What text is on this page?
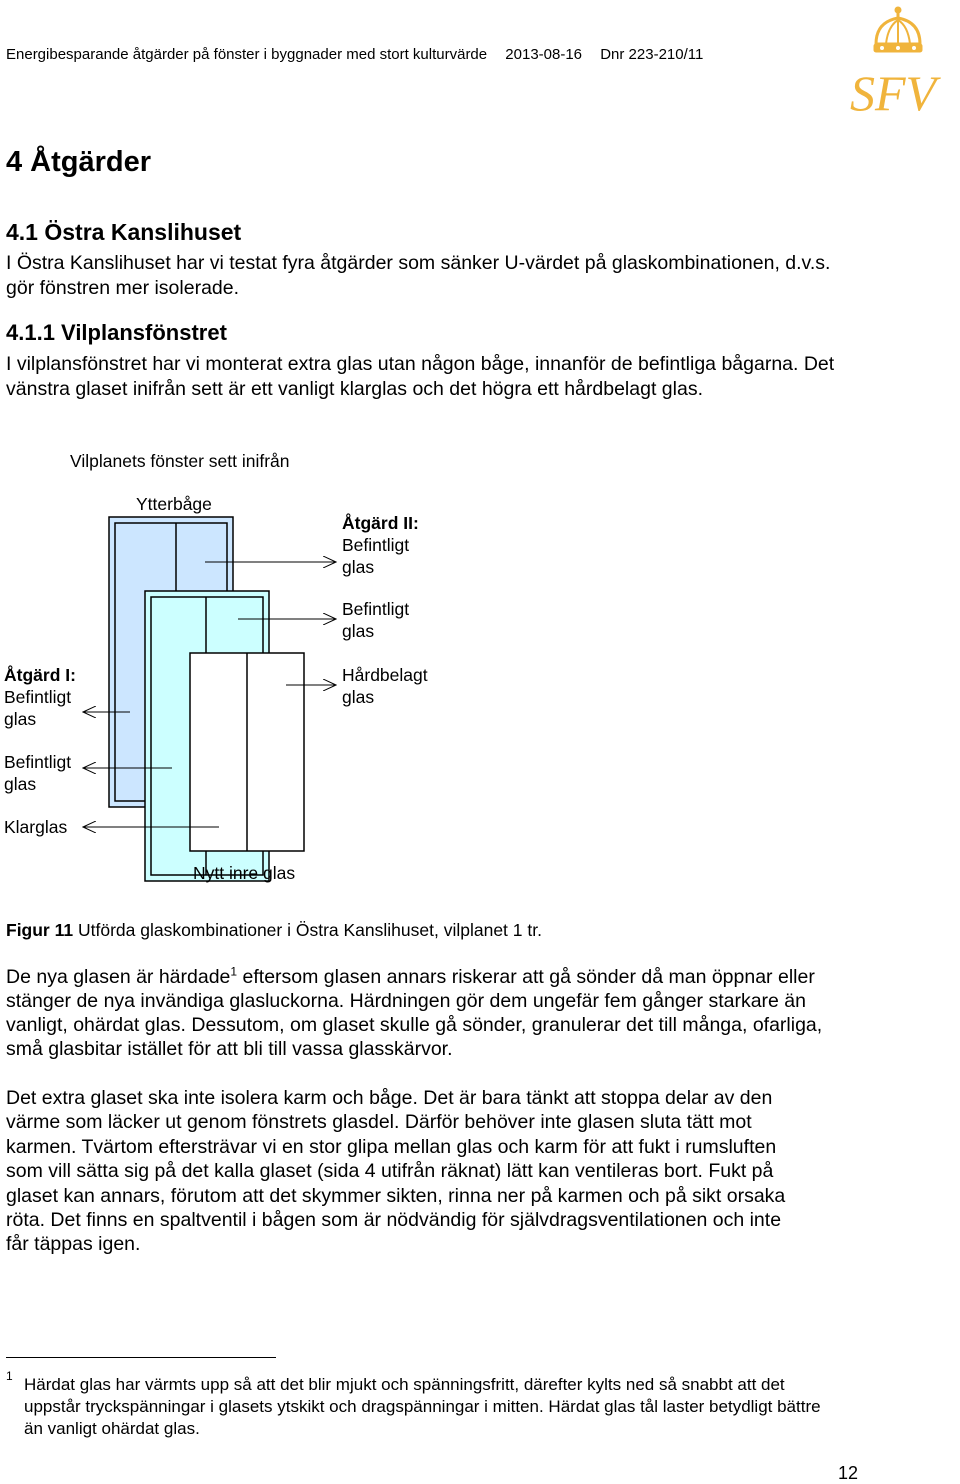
Energibesparande åtgärder på fönster i byggnader med stort kulturvärde 2013-08-16 Dnr 223-210/11
SFV
4 Åtgärder
4.1 Östra Kanslihuset

I Östra Kanslihuset har vi testat fyra åtgärder som sänker U-värdet på glaskombinationen, d.v.s. gör fönstren mer isolerade.

4.1.1 Vilplansfönstret

I vilplansfönstret har vi monterat extra glas utan någon båge, innanför de befintliga bågarna. Det vänstra glaset inifrån sett är ett vanligt klarglas och det högra ett hårdbelagt glas.

Vilplanets fönster sett inifrån
Ytterbåge
Åtgärd II:
Befintligt
glas
Befintligt
glas
Hårdbelagt
glas
Åtgärd I:
Befintligt
glas
Befintligt
glas
Klarglas
Nytt inre glas
Figur 11 Utförda glaskombinationer i Östra Kanslihuset, vilplanet 1 tr.

De nya glasen är härdade$^1$ eftersom glasen annars riskerar att gå sönder då man öppnar eller stänger de nya invändiga glasluckorna. Härdningen gör dem ungefär fem gånger starkare än vanligt, ohärdat glas. Dessutom, om glaset skulle gå sönder, granulerar det till många, ofarliga, små glasbitar istället för att bli till vassa glasskärvor.

Det extra glaset ska inte isolera karm och båge. Det är bara tänkt att stoppa delar av den värme som läcker ut genom fönstrets glasdel. Därför behöver inte glasen sluta tätt mot karmen. Tvärtom eftersträvar vi en stor glipa mellan glas och karm för att fukt i rumsluften som vill sätta sig på det kalla glaset (sida 4 utifrån räknat) lätt kan ventileras bort. Fukt på glaset kan annars, förutom att det skymmer sikten, rinna ner på karmen och på sikt orsaka röta. Det finns en spaltventil i bågen som är nödvändig för självdragsventilationen och inte får täppas igen.

1 Härdat glas har värmts upp så att det blir mjukt och spänningsfritt, därefter kylts ned så snabbt att det uppstår tryckspänningar i glasets ytskikt och dragspänningar i mitten. Härdat glas tål laster betydligt bättre än vanligt ohärdat glas.
12
